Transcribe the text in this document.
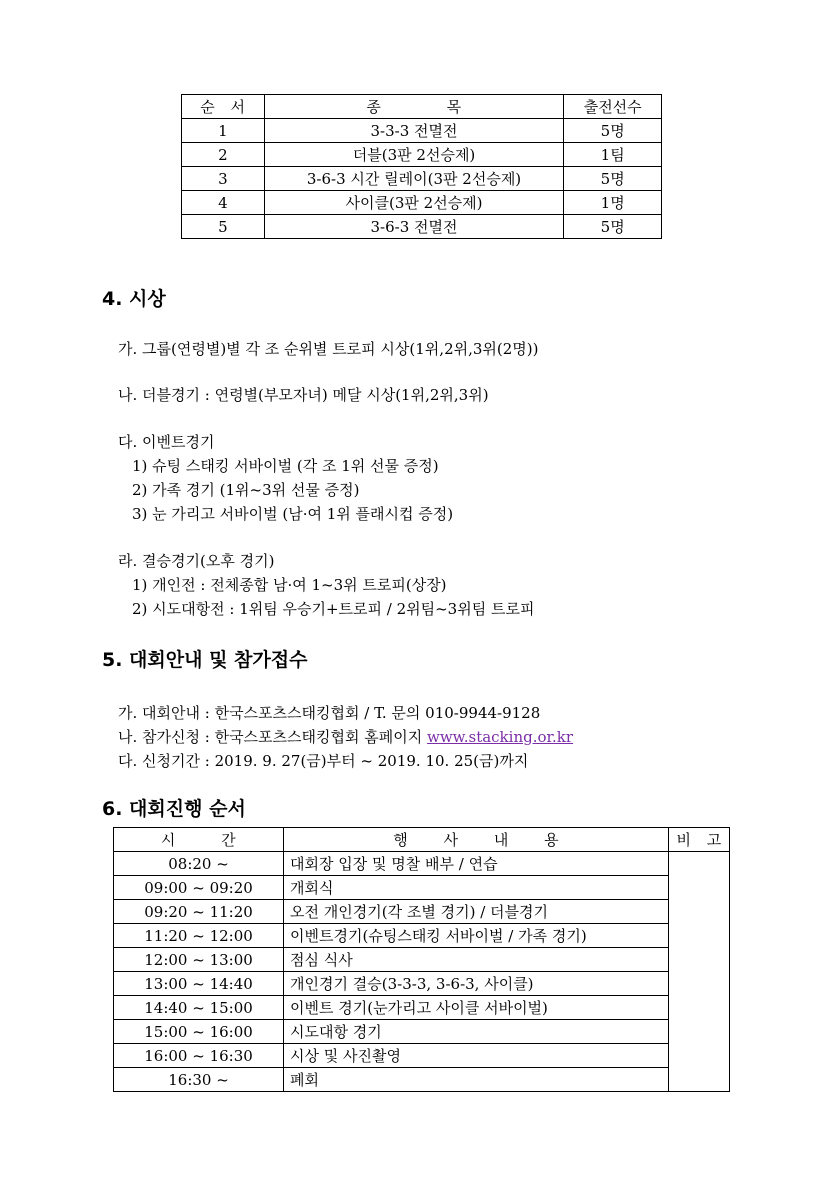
순 서	종 목	출전선수
1	3-3-3 전멸전	5명
2	더블(3판 2선승제)	1팀
3	3-6-3 시간 릴레이(3판 2선승제)	5명
4	사이클(3판 2선승제)	1명
5	3-6-3 전멸전	5명
4. 시상

가. 그룹(연령별)별 각 조 순위별 트로피 시상(1위,2위,3위(2명))

나. 더블경기 : 연령별(부모자녀) 메달 시상(1위,2위,3위)

다. 이벤트경기

1) 슈팅 스태킹 서바이벌 (각 조 1위 선물 증정)

2) 가족 경기 (1위~3위 선물 증정)

3) 눈 가리고 서바이벌 (남·여 1위 플래시컵 증정)

라. 결승경기(오후 경기)

1) 개인전 : 전체종합 남·여 1~3위 트로피(상장)

2) 시도대항전 : 1위팀 우승기+트로피 / 2위팀~3위팀 트로피

5. 대회안내 및 참가접수

가. 대회안내 : 한국스포츠스태킹협회 / T. 문의 010-9944-9128

나. 참가신청 : 한국스포츠스태킹협회 홈페이지 www.stacking.or.kr

다. 신청기간 : 2019. 9. 27(금)부터 ~ 2019. 10. 25(금)까지

6. 대회진행 순서
시 간	행 사 내 용	비 고
08:20 ~	대회장 입장 및 명찰 배부 / 연습	
09:00 ~ 09:20	개회식	
09:20 ~ 11:20	오전 개인경기(각 조별 경기) / 더블경기	
11:20 ~ 12:00	이벤트경기(슈팅스태킹 서바이벌 / 가족 경기)	
12:00 ~ 13:00	점심 식사	
13:00 ~ 14:40	개인경기 결승(3-3-3, 3-6-3, 사이클)	
14:40 ~ 15:00	이벤트 경기(눈가리고 사이클 서바이벌)	
15:00 ~ 16:00	시도대항 경기	
16:00 ~ 16:30	시상 및 사진촬영	
16:30 ~	폐회	
